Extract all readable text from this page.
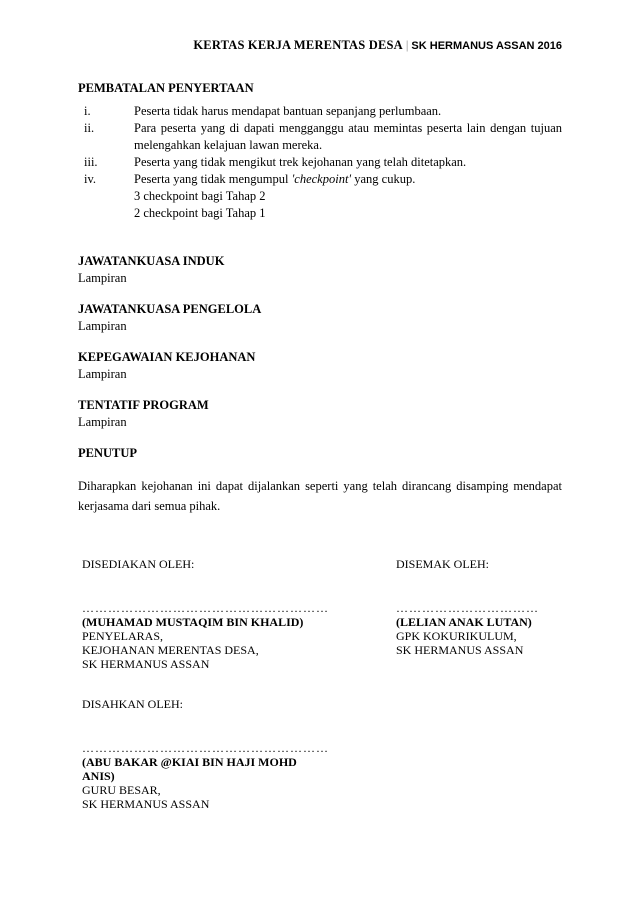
KERTAS KERJA MERENTAS DESA | SK HERMANUS ASSAN 2016

PEMBATALAN PENYERTAAN

i.	Peserta tidak harus mendapat bantuan sepanjang perlumbaan.
ii.	Para peserta yang di dapati mengganggu atau memintas peserta lain dengan tujuan melengahkan kelajuan lawan mereka.
iii.	Peserta yang tidak mengikut trek kejohanan yang telah ditetapkan.
iv.	Peserta yang tidak mengumpul 'checkpoint' yang cukup.
3 checkpoint bagi Tahap 2
2 checkpoint bagi Tahap 1

JAWATANKUASA INDUK

Lampiran

JAWATANKUASA PENGELOLA

Lampiran

KEPEGAWAIAN KEJOHANAN

Lampiran

TENTATIF PROGRAM

Lampiran

PENUTUP

Diharapkan kejohanan ini dapat dijalankan seperti yang telah dirancang disamping mendapat kerjasama dari semua pihak.

DISEDIAKAN OLEH:
…………………………………………………
(MUHAMAD MUSTAQIM BIN KHALID)
PENYELARAS,
KEJOHANAN MERENTAS DESA,
SK HERMANUS ASSAN
DISEMAK OLEH:
……………………………
(LELIAN ANAK LUTAN)
GPK KOKURIKULUM,
SK HERMANUS ASSAN
DISAHKAN OLEH:
…………………………………………………
(ABU BAKAR @KIAI BIN HAJI MOHD
ANIS)
GURU BESAR,
SK HERMANUS ASSAN
